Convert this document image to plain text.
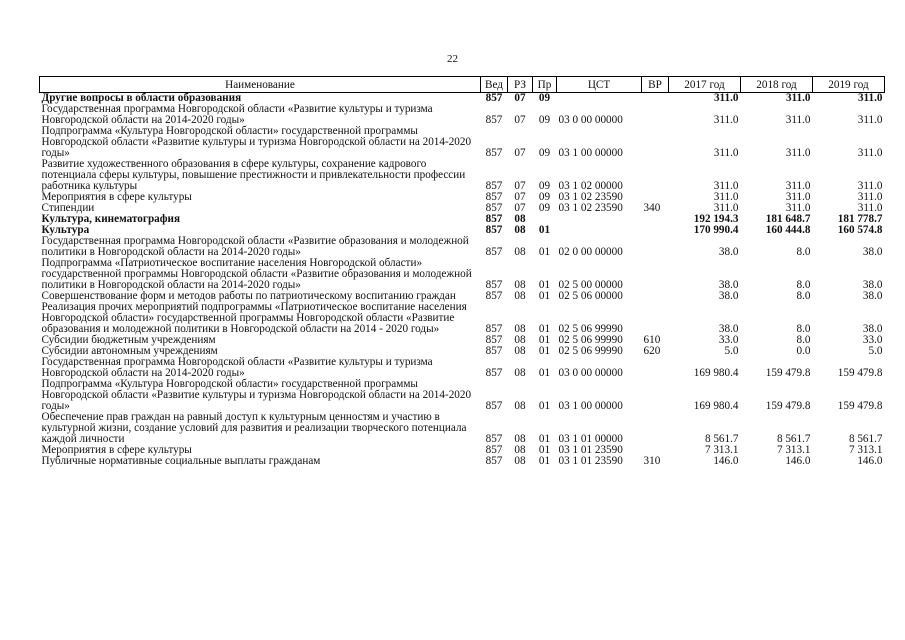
22
Наименование	Вед	РЗ	Пр	ЦСТ	ВР	2017 год	2018 год	2019 год
Другие вопросы в области образования	857	07	09			311.0	311.0	311.0
Государственная программа Новгородской области «Развитие культуры и туризма Новгородской области на 2014-2020 годы»	857	07	09	03 0 00 00000		311.0	311.0	311.0
Подпрограмма «Культура Новгородской области» государственной программы Новгородской области «Развитие культуры и туризма Новгородской области на 2014-2020 годы»	857	07	09	03 1 00 00000		311.0	311.0	311.0
Развитие художественного образования в сфере культуры, сохранение кадрового потенциала сферы культуры, повышение престижности и привлекательности профессии работника культуры	857	07	09	03 1 02 00000		311.0	311.0	311.0
Мероприятия в сфере культуры	857	07	09	03 1 02 23590		311.0	311.0	311.0
Стипендии	857	07	09	03 1 02 23590	340	311.0	311.0	311.0
Культура, кинематография	857	08				192 194.3	181 648.7	181 778.7
Культура	857	08	01			170 990.4	160 444.8	160 574.8
Государственная программа Новгородской области «Развитие образования и молодежной политики в Новгородской области на 2014-2020 годы»	857	08	01	02 0 00 00000		38.0	8.0	38.0
Подпрограмма «Патриотическое воспитание населения Новгородской области» государственной программы Новгородской области «Развитие образования и молодежной политики в Новгородской области на 2014-2020 годы»	857	08	01	02 5 00 00000		38.0	8.0	38.0
Совершенствование форм и методов работы по патриотическому воспитанию граждан	857	08	01	02 5 06 00000		38.0	8.0	38.0
Реализация прочих мероприятий подпрограммы «Патриотическое воспитание населения Новгородской области» государственной программы Новгородской области «Развитие образования и молодежной политики в Новгородской области на 2014 - 2020 годы»	857	08	01	02 5 06 99990		38.0	8.0	38.0
Субсидии бюджетным учреждениям	857	08	01	02 5 06 99990	610	33.0	8.0	33.0
Субсидии автономным учреждениям	857	08	01	02 5 06 99990	620	5.0	0.0	5.0
Государственная программа Новгородской области «Развитие культуры и туризма Новгородской области на 2014-2020 годы»	857	08	01	03 0 00 00000		169 980.4	159 479.8	159 479.8
Подпрограмма «Культура Новгородской области» государственной программы Новгородской области «Развитие культуры и туризма Новгородской области на 2014-2020 годы»	857	08	01	03 1 00 00000		169 980.4	159 479.8	159 479.8
Обеспечение прав граждан на равный доступ к культурным ценностям и участию в культурной жизни, создание условий для развития и реализации творческого потенциала каждой личности	857	08	01	03 1 01 00000		8 561.7	8 561.7	8 561.7
Мероприятия в сфере культуры	857	08	01	03 1 01 23590		7 313.1	7 313.1	7 313.1
Публичные нормативные социальные выплаты гражданам	857	08	01	03 1 01 23590	310	146.0	146.0	146.0
